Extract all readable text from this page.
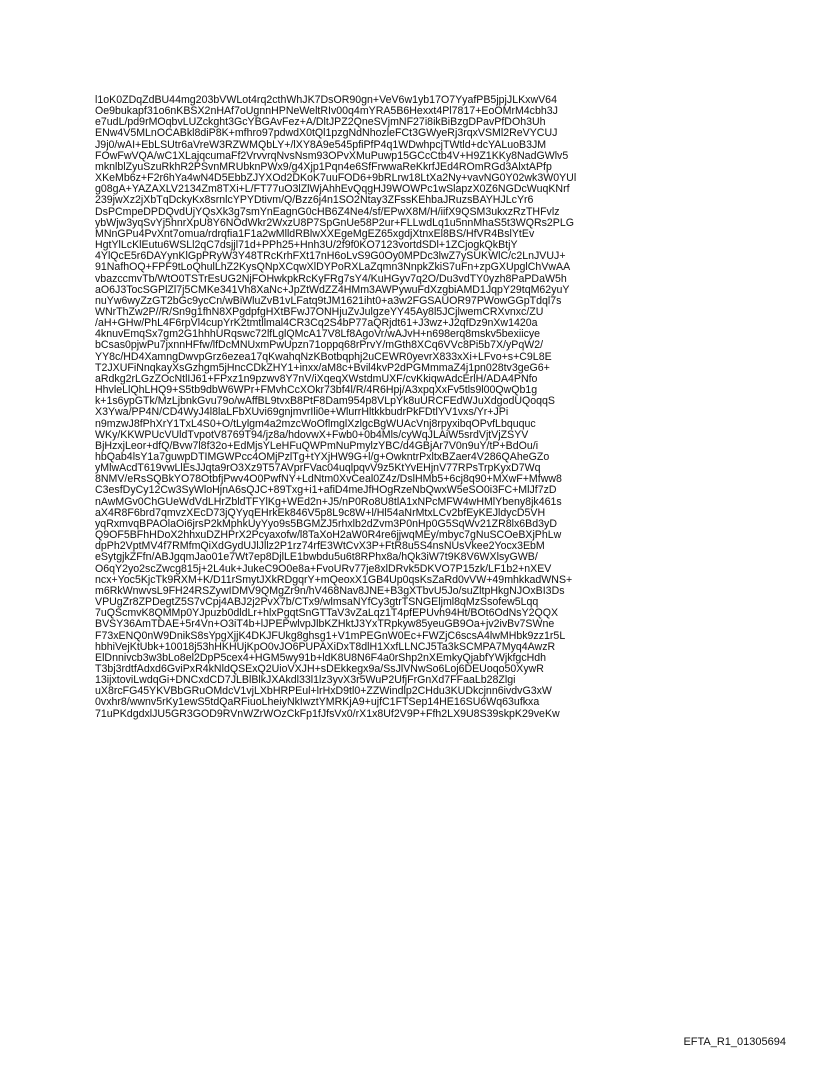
l1oK0ZDqZdBU44mg203bVWLot4rq2cthWhJK7DsOR90gn+VeV6w1yb17O7YyafPB5jpjJLKxwV64
Oe9bukapf31o6nKBSX2nHAf7oUgnnHPNeWeltRIv00q4mYRA5B6Hexxt4Pl7817+EoOMrM4cbh3J
e7udL/pd9rMOqbvLUZckght3GcYBGAvFez+A/DltJPZ2QneSVjmNF27i8ikBiBzgDPavPfDOh3Uh
ENw4V5MLnOCABkl8diP8K+mfhro97pdwdX0tQl1pzgNdNhozleFCt3GWyeRj3rqxVSMl2ReVYCUJ
J9j0/wAI+EbLSUtr6aVreW3RZWMQbLY+/lXY8A9e545pfiPfP4q1WDwhpcjTWtld+dcYALuoB3JM
FOwFwVQA/wC1XLajqcumaFf2VrvvrqNvsNsm93OPvXMuPuwp15GCcCtb4V+H9Z1KKy8NadGWlv5
mknlblZyuSzuRkhR2PSvnMRUbknPWx9/g4Xjp1Pqn4e6SfFrwwaReKkrfJEd4ROmRGd3AlxtAPfp
XKeMb6z+F2r6hYa4wN4D5EbbZJYXOd2DKoK7uuFOD6+9bRLrw18LtXa2Ny+vavNG0Y02wk3W0YUl
g08gA+YAZAXLV2134Zm8TXi+L/FT77uO3lZlWjAhhEvQqgHJ9WOWPc1wSlapzX0Z6NGDcWuqKNrf
239jwXz2jXbTqDckyKx8srnlcYPYDtivm/Q/Bzz6j4n1SO2Ntay3ZFssKEhbaJRuzsBAYHJLcYr6
DsPCmpeDPDQvdUjYQsXk3g7smYnEagnG0cHB6Z4Ne4/sf/EPwX8M/H/iifX9QSM3ukxzRzTHFvlz
ybWjw3yqSvYj5hnrXpU8Y6NOdWkr2WxzU8P7SpGnUe58P2ur+FLLwdLq1u5nnMhaS5t3WQRs2PLG
MNnGPu4PvXnt7omua/rdrqfia1F1a2wMlldRBlwXXEgeMgEZ65xgdjXtnxEl8BS/HfVR4BslYtEv
HgtYlLcKlEutu6WSLl2qC7dsjjl71d+PPh25+Hnh3U/2f9f0KO7123vortdSDl+1ZCjogkQkBtjY
4YlQcE5r6DAYynKlGpPRyW3Y48TRcKrhFXt17nH6oLvS9G0Oy0MPDc3lwZ7ySUKWlC/c2LnJVUJ+
91NafhOQ+FPF9tLoQhulLhZ2KysQNpXCqwXlDYPoRXLaZqmn3NnpkZkiS7uFn+zpGXUpglChVwAA
vbazccmvTb/WtO0TSTrEsUG2NjFOHwkpkRcKyFRg7sY4/KuHGyv7q2O/Du3vdTY0yzh8PaPDaW5h
aO6J3TocSGPlZl7j5CMKe341Vh8XaNc+JpZtWdZZ4HMm3AWPywuFdXzgbiAMD1JqpY29tqM62yuY
nuYw6wyZzGT2bGc9ycCn/wBiWluZvB1vLFatq9tJM1621iht0+a3w2FGSAUOR97PWowGGpTdql7s
WNrThZw2P//R/Sn9g1fhN8XPgdpfgHXtBFwJ7ONHjuZvJulgzeYY45Ay8l5JCjlwemCRXvnxc/ZU
/aH+GHw/PhL4F6rpVl4cupYrK2tmtllmal4CR3Cq2S4bP77aQRjdt61+J3wz+J2qfDz9nXw1420a
4knuvEmqSx7gm2G1hhhURqswc72lfLglQMcA17V8Lf8AgoVr/wAJvH+n698erq8mskv5bexiicye
bCsas0pjwPu7jxnnHFfw/lfDcMNUxmPwUpzn71oppq68rPrvY/mGth8XCq6VVc8Pi5b7X/yPqW2/
YY8c/HD4XamngDwvpGrz6ezea17qKwahqNzKBotbqphj2uCEWR0yevrX833xXi+LFvo+s+C9L8E
T2JXUFiNnqkayXsGzhgm5jHncCDkZHY1+inxx/aM8c+Bvil4kvP2dPGMmmaZ4j1pn028tv3geG6+
aRdkg2rLGzZOcNtlIJ61+FPxz1n9pzwv8Y7nV/iXqeqXWstdmUXF/cvKkiqwAdcErlH/ADA4PNfo
HhvleLlQhLHQ9+S5tb9dbW6WPr+FMvhCcXOkr73bf4l/R/4R6Hpj/A3xpqXxFv5tls9l00QwQb1g
k+1s6ypGTk/MzLjbnkGvu79o/wAffBL9tvxB8PtF8Dam954p8VLpYk8uURCFEdWJuXdgodUQoqqS
X3Ywa/PP4N/CD4WyJ4l8laLFbXUvi69gnjmvrIli0e+WlurrHltkkbudrPkFDtlYV1vxs/Yr+JPi
n9mzwJ8fPhXrY1TxL4S0+O/tLylgm4a2mzcWoOflmglXzlgcBgWUAcVnj8rpyxibqOPvfLbququc
WKy/KKWPUcVUldTvpotV8769T94/jz8a/hdovwX+Fwb0+0b4Mls/cyWqJLAiW5srdVjtVjZSYV
BjHzxjLeor+dfQ/Bvw7l8f32o+EdMjsYLeHFuQWPmNuPmylzYBC/d4GBjAr7V0n9uY/tP+BdOu/i
hbQab4lsY1a7guwpDTIMGWPcc4OMjPzlTg+tYXjHW9G+l/g+OwkntrPxltxBZaer4V286QAheGZo
yMlwAcdT619vwLlEsJJqta9rO3Xz9T57AVprFVac04uqlpqvV9z5KtYvEHjnV77RPsTrpKyxD7Wq
8NMV/eRsSQBkYO78OtbfjPwv4O0PwfNY+LdNtm0XvCeal0Z4z/DslHMb5+6cj8q90+MXwF+Mfww8
C3esfDyCy12Cw3SyWloHjnA6sQJC+89Txg+i1+afiD4meJfHOgRzeNbQwxW5eSO0i3FC+MlJf7zD
nAwMGv0ChGUeWdVdLHrZbldTFYlKg+WEd2n+J5/nP0Ro8U8tlA1xNPcMFW4wHMlYbeny8jk461s
aX4R8F6brd7qmvzXEcD73jQYyqEHrkEk846V5p8L9c8W+l/Hl54aNrMtxLCv2bfEyKEJldycD5VH
yqRxmvqBPAOlaOi6jrsP2kMphkUyYyo9s5BGMZJ5rhxlb2dZvm3P0nHp0G5SqWv21ZR8lx6Bd3yD
Q9OF5BFhHDoX2hhxuDZHPrX2Pcyaxofw/l8TaXoH2aW0R4re6jjwqMEy/mbyc7gNuSCOeBXjPhLw
dpPh2VptMV4f7RMfmQiXdGydUJlJllz2P1rz74rfE3WtCvX3P+FtR8u5S4nsNUsVkee2Yocx3EbM
eSytgjkZFfn/ABJgqmJao01e7Wt7ep8DjlLE1bwbdu5u6t8RPhx8a/hQk3iW7t9K8V6WXlsyGWB/
O6qY2yo2scZwcg815j+2L4uk+JukeC9O0e8a+FvoURv77je8xlDRvk5DKVO7P15zk/LF1b2+nXEV
ncx+Yoc5KjcTk9RXM+K/D11rSmytJXkRDgqrY+mQeoxX1GB4Up0qsKsZaRd0vVW+49mhkkadWNS+
m6RkWnwvsL9FH24RSZywIDMV9QMgZr9n/hV468Nav8JNE+B3gXTbvU5Jo/suZltpHkgNJOxBI3Ds
VPUgZr8ZPDegtZ5S7vCpj4ABJ2j2PvX7b/CTx9/wlmsaNYfCy3gtrTSNGEljml8qMzSsofew5Lqq
7uQScmvK8QMMp0YJpuzb0dldLr+hlxPgqtSnGTTaV3vZaLqz1T4pfEPUvh94Ht/BOt6OdNsY2QQX
BVSY36AmTDAE+5r4Vn+O3iT4b+lJPEPwlvpJlbKZHktJ3YxTRpkyw85yeuGB9Oa+jv2ivBv7SWne
F73xENQ0nW9DnikS8sYpgXjjK4DKJFUkg8ghsg1+V1mPEGnW0Ec+FWZjC6scsA4lwMHbk9zz1r5L
hbhiVejKtUbk+10018j53hHKHUjKpO0vJO6PUPAXiDxT8dlH1XxfLLNCJ5Ta3kSCMPA7Myq4AwzR
ElDnnivcb3w3bLo8el2DpP5cex4+HGM5wy91b+ldK8U8N6F4a0rShp2nXEmkyQjabfYWjkfgcHdh
T3bj3rdtfAdxd6GviPxR4kNldQSExQ2UioVXJH+sDEkkegx9a/SsJlVNwSo6Loj6DEUoqo50XywR
13ijxtoviLwdqGi+DNCxdCD7JLBlBlkJXAkdl33l1lz3yvX3r5WuP2UfjFrGnXd7FFaaLb28Zlgi
uX8rcFG45YKVBbGRuOMdcV1vjLXbHRPEul+lrHxD9tl0+ZZWindlp2CHdu3KUDkcjnn6ivdvG3xW
0vxhr8/wwnv5rKy1ewS5tdQaRFiuoLheiyNkIwztYMRKjA9+ujfC1FTSep14HE16SU6Wq63ufkxa
71uPKdgdxlJU5GR3GOD9RVnWZrWOzCkFp1fJfsVx0/rX1x8Uf2V9P+Ffh2LX9U8S39skpK29veKw
EFTA_R1_01305694
